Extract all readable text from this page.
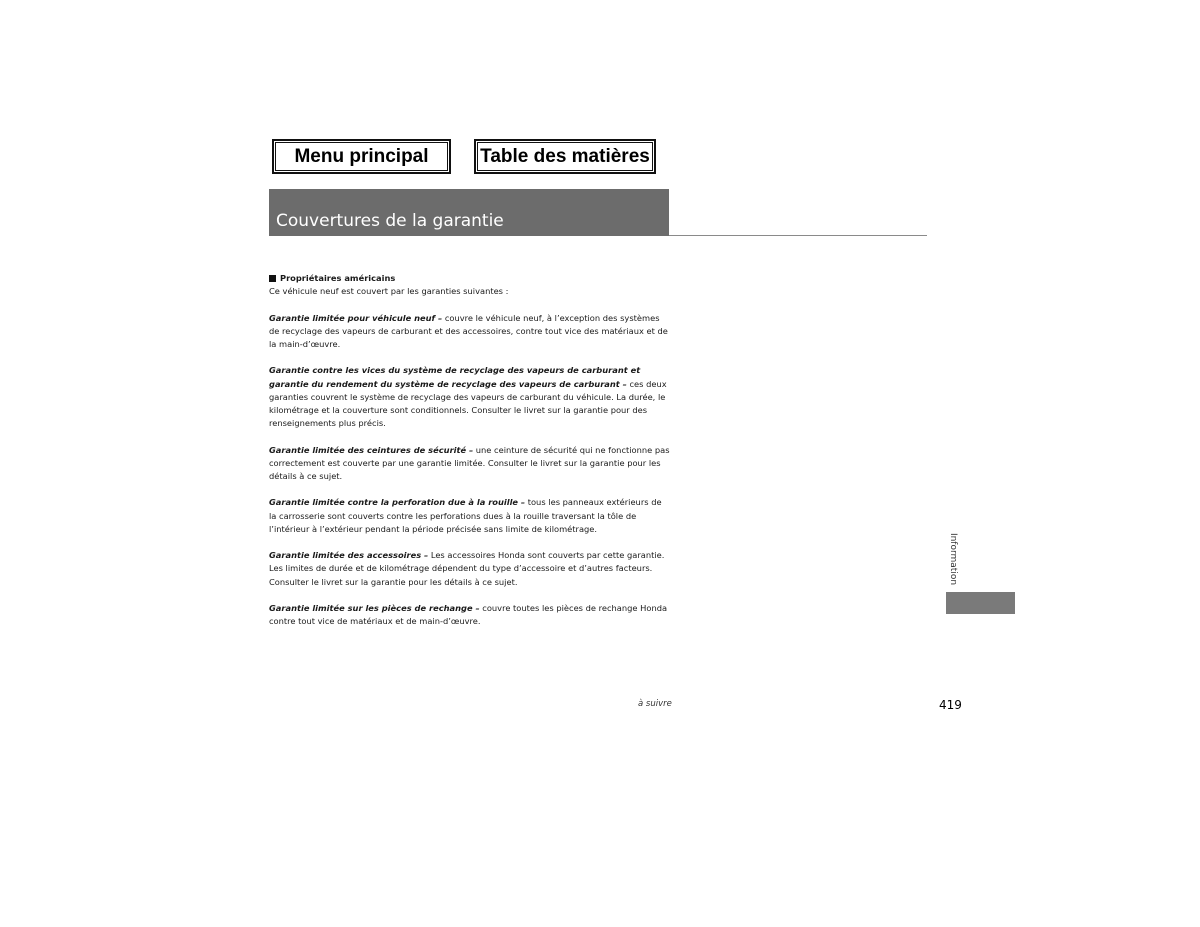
Menu principal	Table des matières
Couvertures de la garantie
Propriétaires américains

Ce véhicule neuf est couvert par les garanties suivantes :

Garantie limitée pour véhicule neuf – couvre le véhicule neuf, à l’exception des systèmes de recyclage des vapeurs de carburant et des accessoires, contre tout vice des matériaux et de la main-d’œuvre.

Garantie contre les vices du système de recyclage des vapeurs de carburant et garantie du rendement du système de recyclage des vapeurs de carburant – ces deux garanties couvrent le système de recyclage des vapeurs de carburant du véhicule. La durée, le kilométrage et la couverture sont conditionnels. Consulter le livret sur la garantie pour des renseignements plus précis.

Garantie limitée des ceintures de sécurité – une ceinture de sécurité qui ne fonctionne pas correctement est couverte par une garantie limitée. Consulter le livret sur la garantie pour les détails à ce sujet.

Garantie limitée contre la perforation due à la rouille – tous les panneaux extérieurs de la carrosserie sont couverts contre les perforations dues à la rouille traversant la tôle de l’intérieur à l’extérieur pendant la période précisée sans limite de kilométrage.

Garantie limitée des accessoires – Les accessoires Honda sont couverts par cette garantie. Les limites de durée et de kilométrage dépendent du type d’accessoire et d’autres facteurs. Consulter le livret sur la garantie pour les détails à ce sujet.

Garantie limitée sur les pièces de rechange – couvre toutes les pièces de rechange Honda contre tout vice de matériaux et de main-d’œuvre.

Information
à suivre	419
